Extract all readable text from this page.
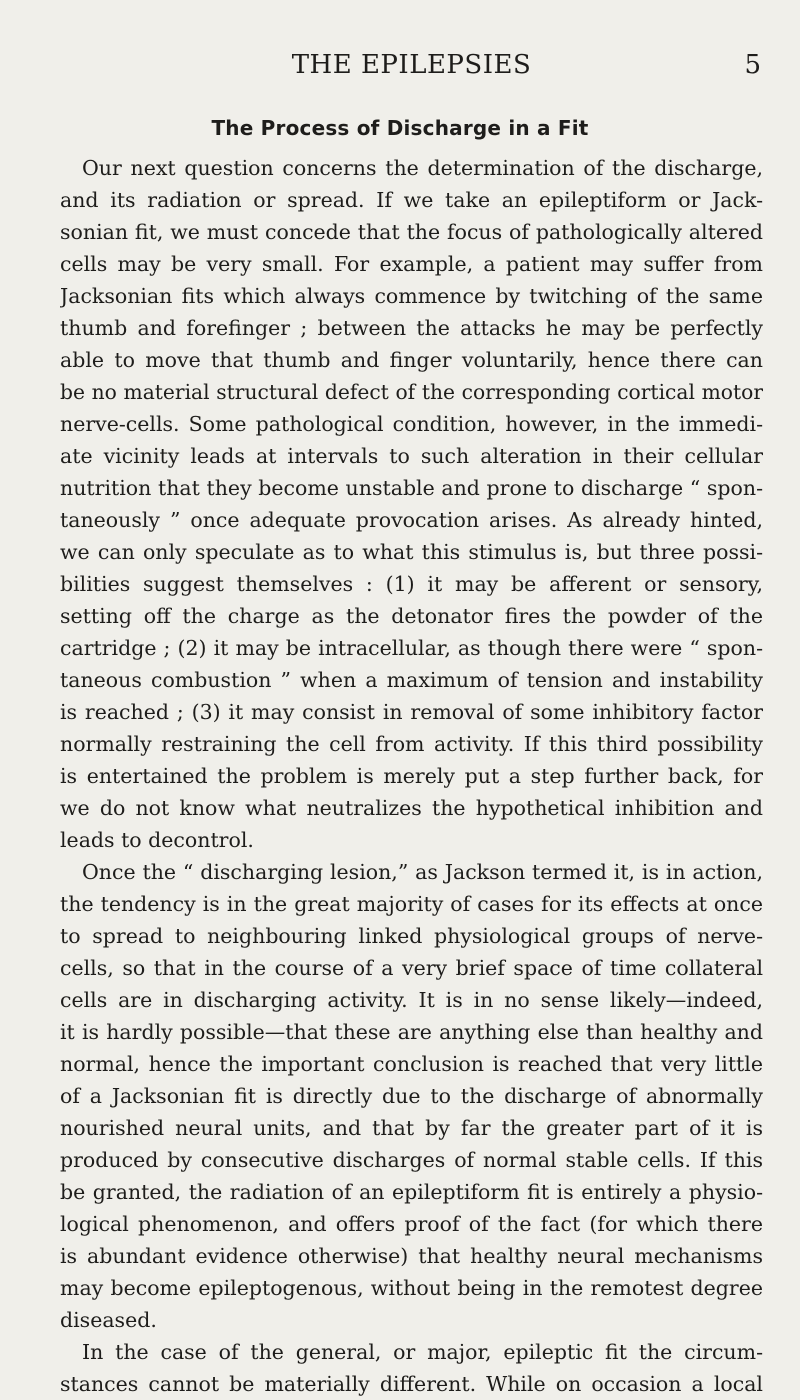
THE EPILEPSIES	5
The Process of Discharge in a Fit
Our next question concerns the determination of the discharge,
and its radiation or spread. If we take an epileptiform or Jack-
sonian fit, we must concede that the focus of pathologically altered
cells may be very small. For example, a patient may suffer from
Jacksonian fits which always commence by twitching of the same
thumb and forefinger ; between the attacks he may be perfectly
able to move that thumb and finger voluntarily, hence there can
be no material structural defect of the corresponding cortical motor
nerve-cells. Some pathological condition, however, in the immedi-
ate vicinity leads at intervals to such alteration in their cellular
nutrition that they become unstable and prone to discharge “ spon-
taneously ” once adequate provocation arises. As already hinted,
we can only speculate as to what this stimulus is, but three possi-
bilities suggest themselves : (1) it may be afferent or sensory,
setting off the charge as the detonator fires the powder of the
cartridge ; (2) it may be intracellular, as though there were “ spon-
taneous combustion ” when a maximum of tension and instability
is reached ; (3) it may consist in removal of some inhibitory factor
normally restraining the cell from activity. If this third possibility
is entertained the problem is merely put a step further back, for
we do not know what neutralizes the hypothetical inhibition and
leads to decontrol.
Once the “ discharging lesion,” as Jackson termed it, is in action,
the tendency is in the great majority of cases for its effects at once
to spread to neighbouring linked physiological groups of nerve-
cells, so that in the course of a very brief space of time collateral
cells are in discharging activity. It is in no sense likely—indeed,
it is hardly possible—that these are anything else than healthy and
normal, hence the important conclusion is reached that very little
of a Jacksonian fit is directly due to the discharge of abnormally
nourished neural units, and that by far the greater part of it is
produced by consecutive discharges of normal stable cells. If this
be granted, the radiation of an epileptiform fit is entirely a physio-
logical phenomenon, and offers proof of the fact (for which there
is abundant evidence otherwise) that healthy neural mechanisms
may become epileptogenous, without being in the remotest degree
diseased.
In the case of the general, or major, epileptic fit the circum-
stances cannot be materially different. While on occasion a local
